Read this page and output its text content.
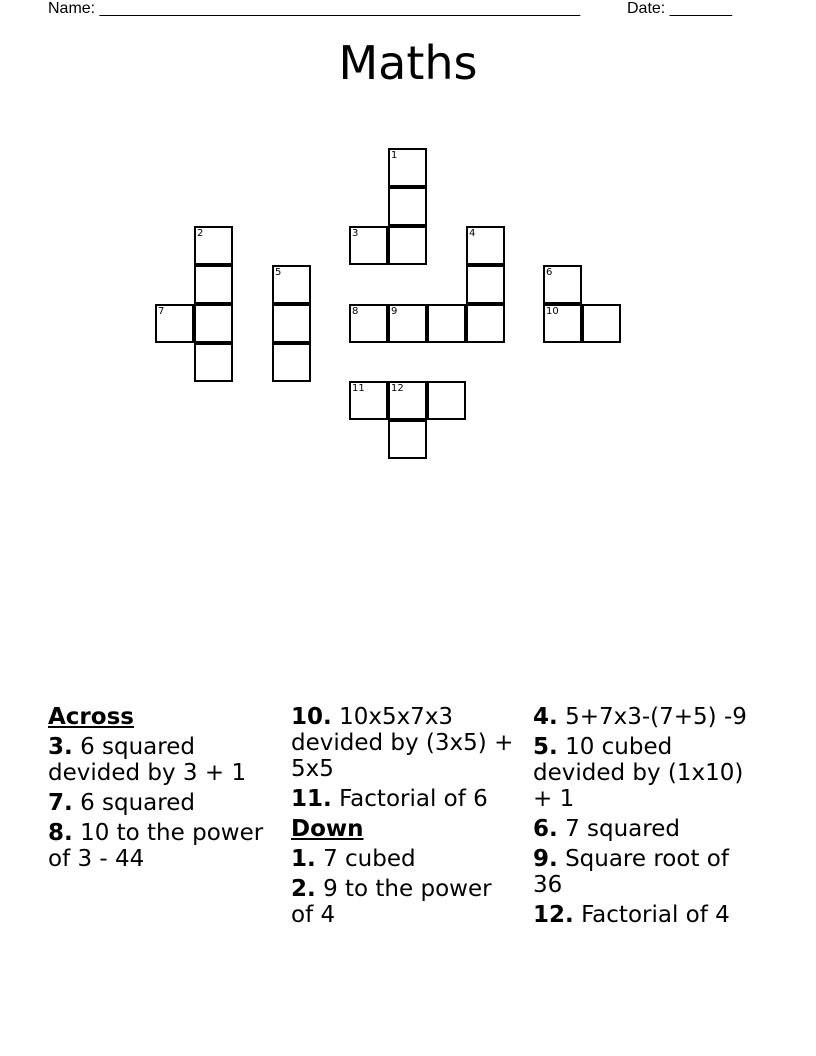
Name: ______________________________________________________	Date: _______
Maths
1
3
2
7
5
4
8	9
6
10
11	12
Across
3. 6 squared devided by 3 + 1
7. 6 squared
8. 10 to the power of 3 - 44
10. 10x5x7x3 devided by (3x5) + 5x5
11. Factorial of 6
Down
1. 7 cubed
2. 9 to the power of 4
4. 5+7x3-(7+5) -9
5. 10 cubed devided by (1x10) + 1
6. 7 squared
9. Square root of 36
12. Factorial of 4
